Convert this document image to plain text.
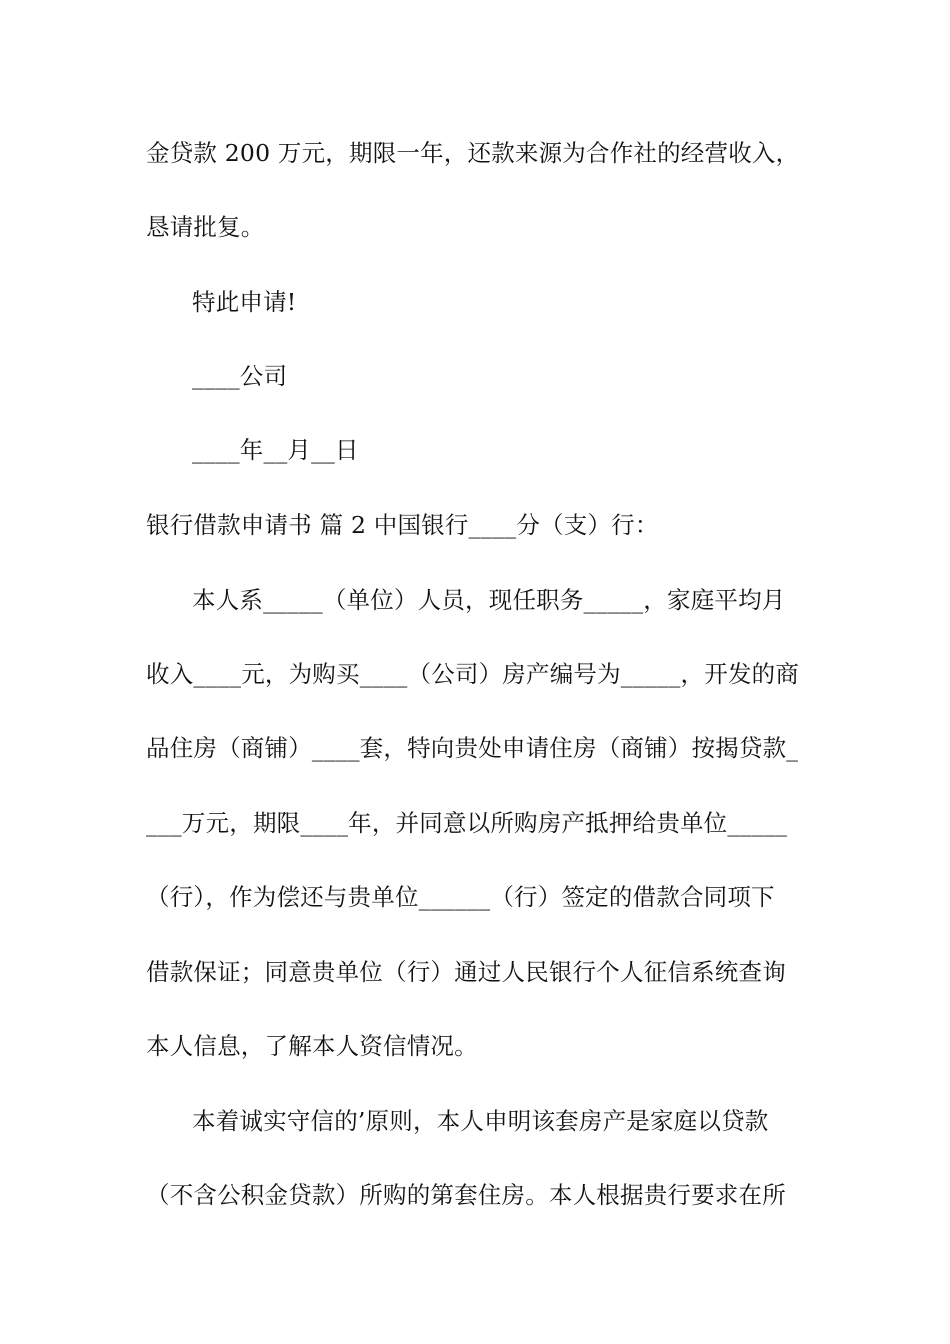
金贷款 200 万元，期限一年，还款来源为合作社的经营收入，
恳请批复。
特此申请!
____公司
____年__月__日
银行借款申请书 篇 2 中国银行____分（支）行：
本人系_____（单位）人员，现任职务_____，家庭平均月
收入____元，为购买____（公司）房产编号为_____，开发的商
品住房（商铺）____套，特向贵处申请住房（商铺）按揭贷款_
___万元，期限____年，并同意以所购房产抵押给贵单位_____
（行），作为偿还与贵单位______（行）签定的借款合同项下
借款保证；同意贵单位（行）通过人民银行个人征信系统查询
本人信息，了解本人资信情况。
本着诚实守信的’原则，本人申明该套房产是家庭以贷款
（不含公积金贷款）所购的第套住房。本人根据贵行要求在所
